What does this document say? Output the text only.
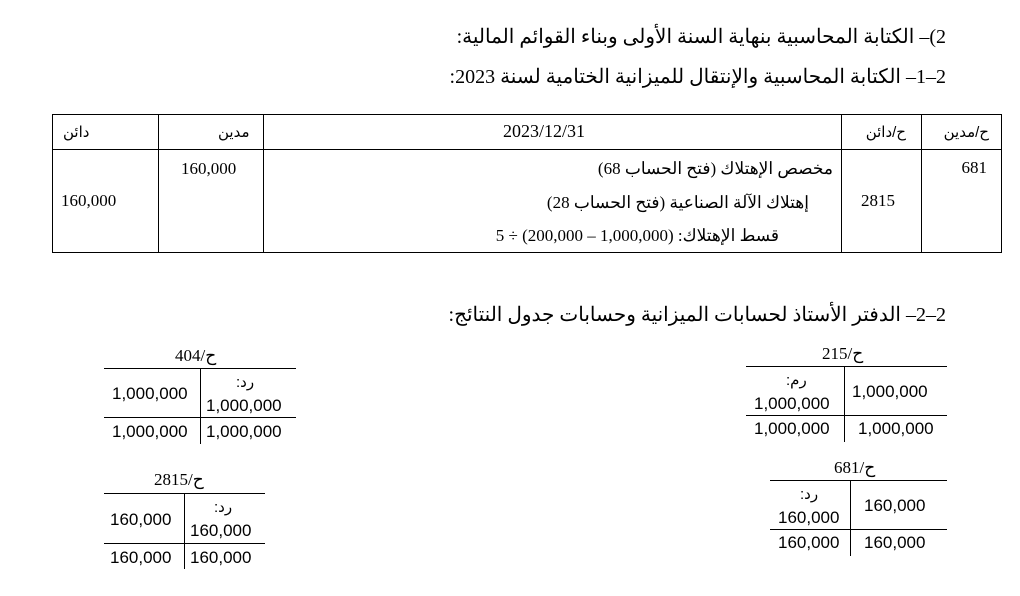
2)– الكتابة المحاسبية بنهاية السنة الأولى وبناء القوائم المالية:
2–1– الكتابة المحاسبية والإنتقال للميزانية الختامية لسنة 2023:
2–2– الدفتر الأستاذ لحسابات الميزانية وحسابات جدول النتائج:
ح/مدين
ح/دائن
2023/12/31
مدين
دائن
681
2815
مخصص الإهتلاك (فتح الحساب 68)
إهتلاك الآلة الصناعية (فتح الحساب 28)
قسط الإهتلاك: (1,000,000 – 200,000) ÷ 5
160,000
160,000
ح/215
رم:
1,000,000
1,000,000
1,000,000 1,000,000
ح/681
رد:
160,000
160,000
160,000 160,000
ح/404
1,000,000
رد:
1,000,000
1,000,000 1,000,000
ح/2815
160,000
رد:
160,000
160,000 160,000
